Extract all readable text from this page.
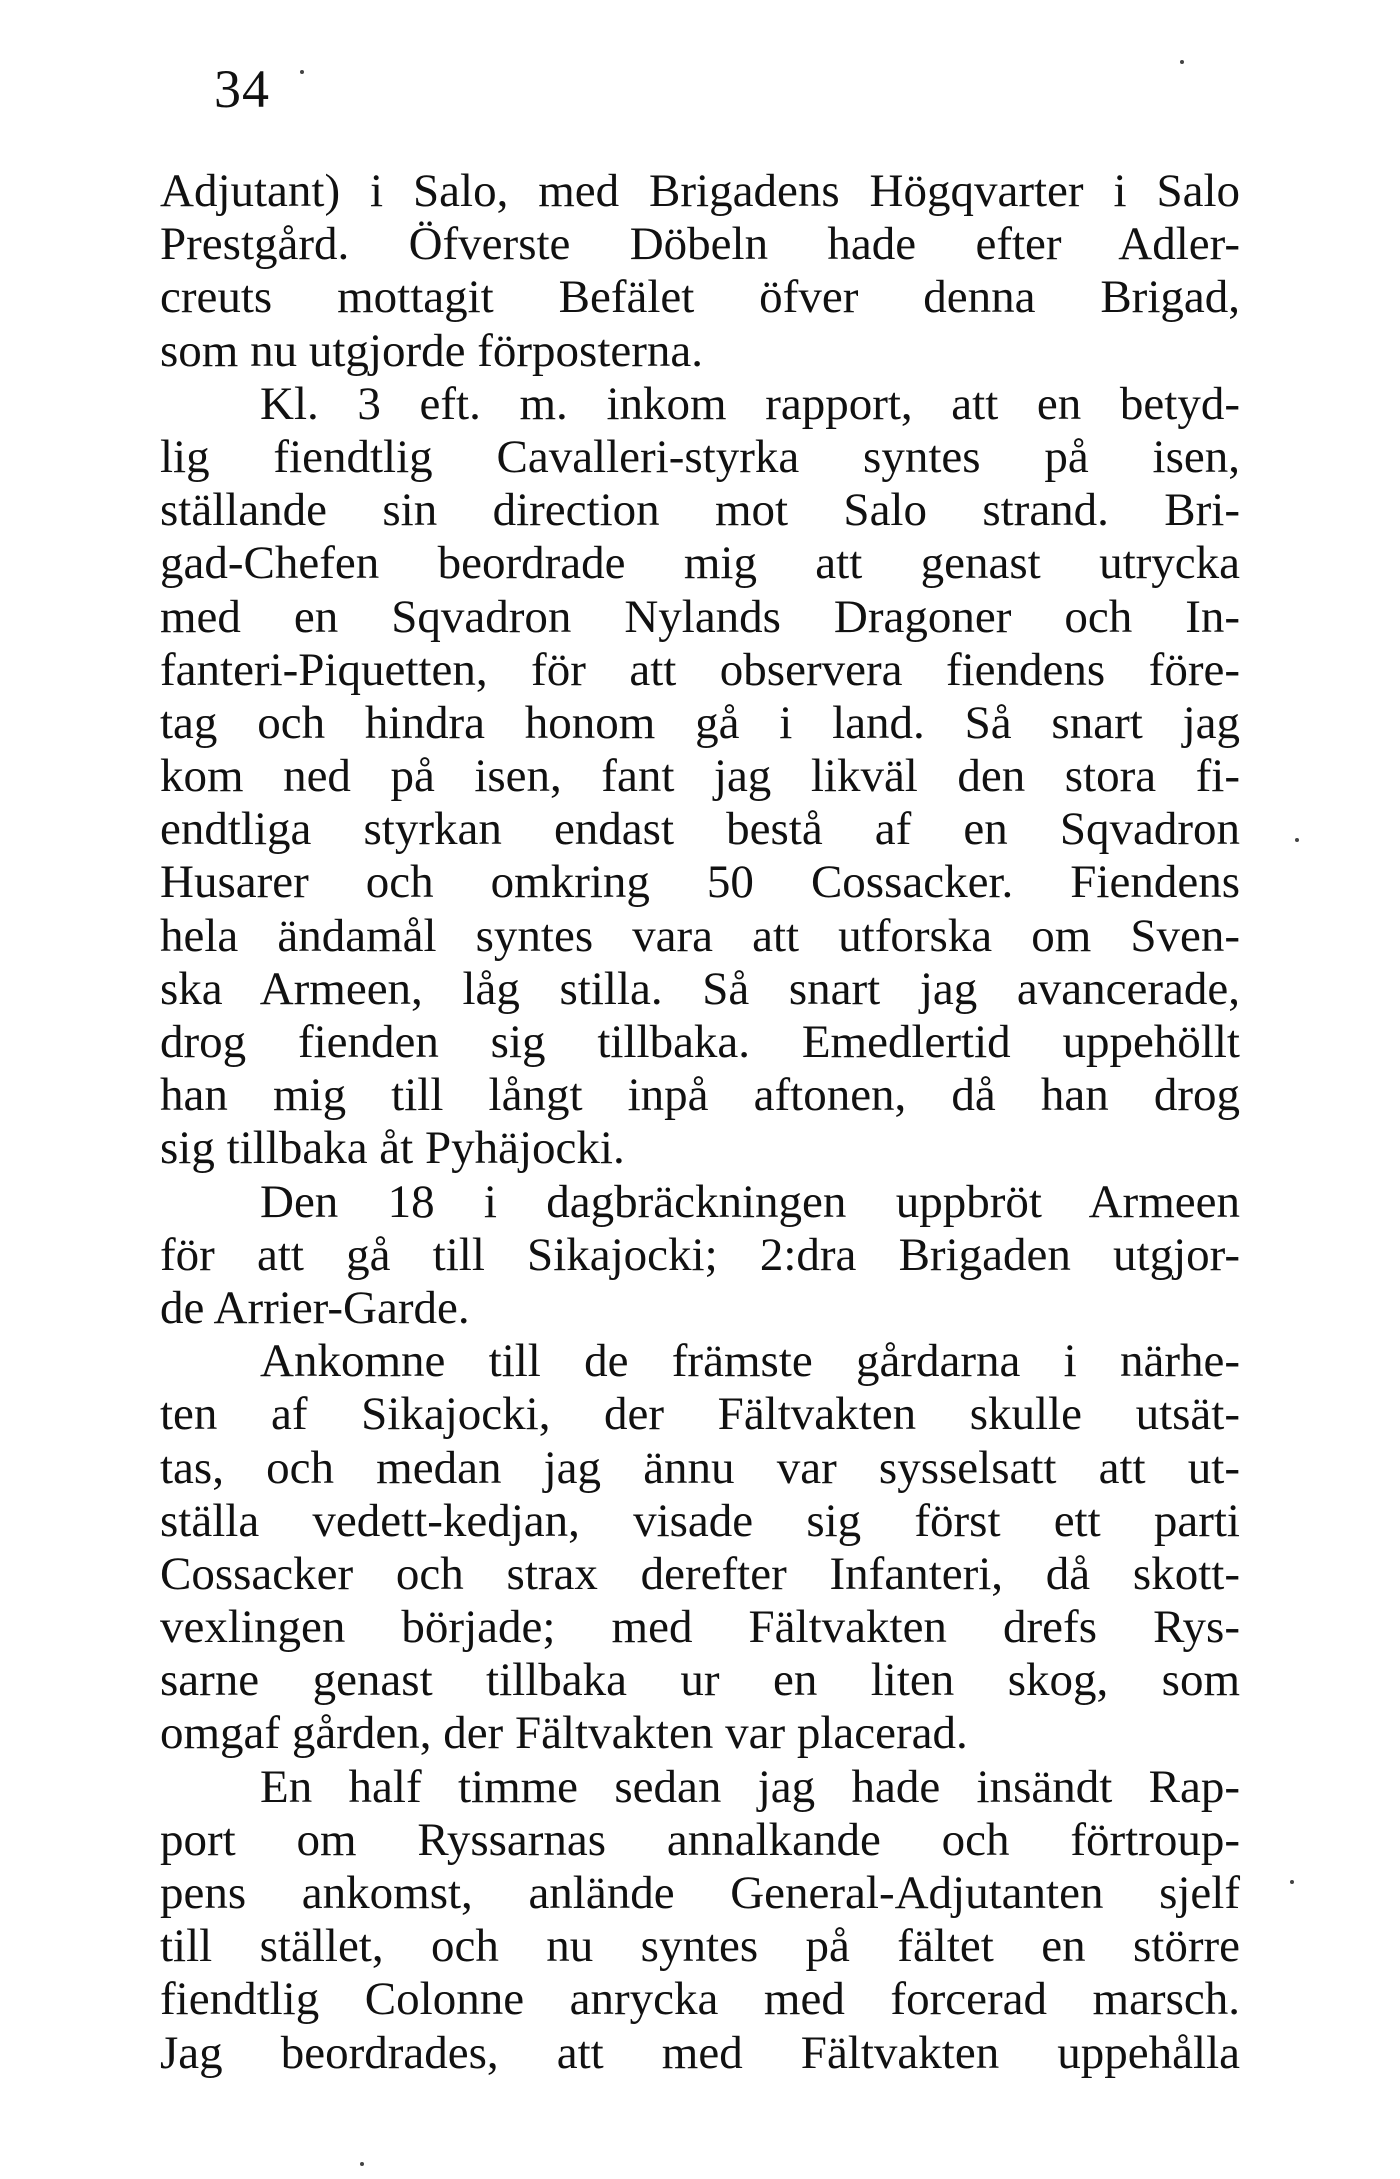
34
Adjutant) i Salo, med Brigadens Högqvarter i Salo
Prestgård. Öfverste Döbeln hade efter Adler-
creuts mottagit Befälet öfver denna Brigad,
som nu utgjorde förposterna.
Kl. 3 eft. m. inkom rapport, att en betyd-
lig fiendtlig Cavalleri-styrka syntes på isen,
ställande sin direction mot Salo strand. Bri-
gad-Chefen beordrade mig att genast utrycka
med en Sqvadron Nylands Dragoner och In-
fanteri-Piquetten, för att observera fiendens före-
tag och hindra honom gå i land. Så snart jag
kom ned på isen, fant jag likväl den stora fi-
endtliga styrkan endast bestå af en Sqvadron
Husarer och omkring 50 Cossacker. Fiendens
hela ändamål syntes vara att utforska om Sven-
ska Armeen, låg stilla. Så snart jag avancerade,
drog fienden sig tillbaka. Emedlertid uppehöllt
han mig till långt inpå aftonen, då han drog
sig tillbaka åt Pyhäjocki.
Den 18 i dagbräckningen uppbröt Armeen
för att gå till Sikajocki; 2:dra Brigaden utgjor-
de Arrier-Garde.
Ankomne till de främste gårdarna i närhe-
ten af Sikajocki, der Fältvakten skulle utsät-
tas, och medan jag ännu var sysselsatt att ut-
ställa vedett-kedjan, visade sig först ett parti
Cossacker och strax derefter Infanteri, då skott-
vexlingen började; med Fältvakten drefs Rys-
sarne genast tillbaka ur en liten skog, som
omgaf gården, der Fältvakten var placerad.
En half timme sedan jag hade insändt Rap-
port om Ryssarnas annalkande och förtroup-
pens ankomst, anlände General-Adjutanten sjelf
till stället, och nu syntes på fältet en större
fiendtlig Colonne anrycka med forcerad marsch.
Jag beordrades, att med Fältvakten uppehålla
